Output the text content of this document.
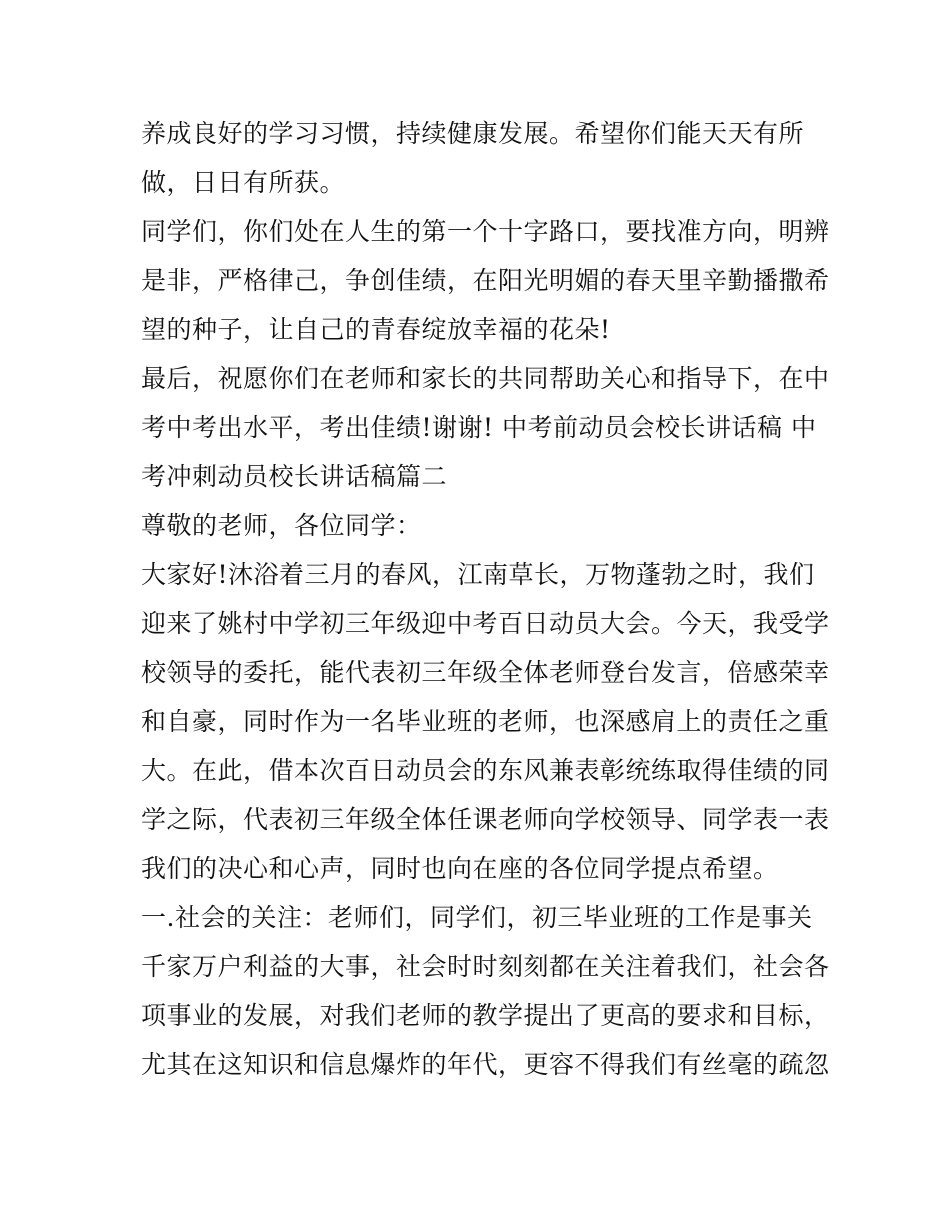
养成良好的学习习惯，持续健康发展。希望你们能天天有所
做，日日有所获。
同学们，你们处在人生的第一个十字路口，要找准方向，明辨
是非，严格律己，争创佳绩，在阳光明媚的春天里辛勤播撒希
望的种子，让自己的青春绽放幸福的花朵!
最后，祝愿你们在老师和家长的共同帮助关心和指导下，在中
考中考出水平，考出佳绩!谢谢! 中考前动员会校长讲话稿 中
考冲刺动员校长讲话稿篇二
尊敬的老师，各位同学：
大家好!沐浴着三月的春风，江南草长，万物蓬勃之时，我们
迎来了姚村中学初三年级迎中考百日动员大会。今天，我受学
校领导的委托，能代表初三年级全体老师登台发言，倍感荣幸
和自豪，同时作为一名毕业班的老师，也深感肩上的责任之重
大。在此，借本次百日动员会的东风兼表彰统练取得佳绩的同
学之际，代表初三年级全体任课老师向学校领导、同学表一表
我们的决心和心声，同时也向在座的各位同学提点希望。
一.社会的关注：老师们，同学们，初三毕业班的工作是事关
千家万户利益的大事，社会时时刻刻都在关注着我们，社会各
项事业的发展，对我们老师的教学提出了更高的要求和目标，
尤其在这知识和信息爆炸的年代，更容不得我们有丝毫的疏忽
